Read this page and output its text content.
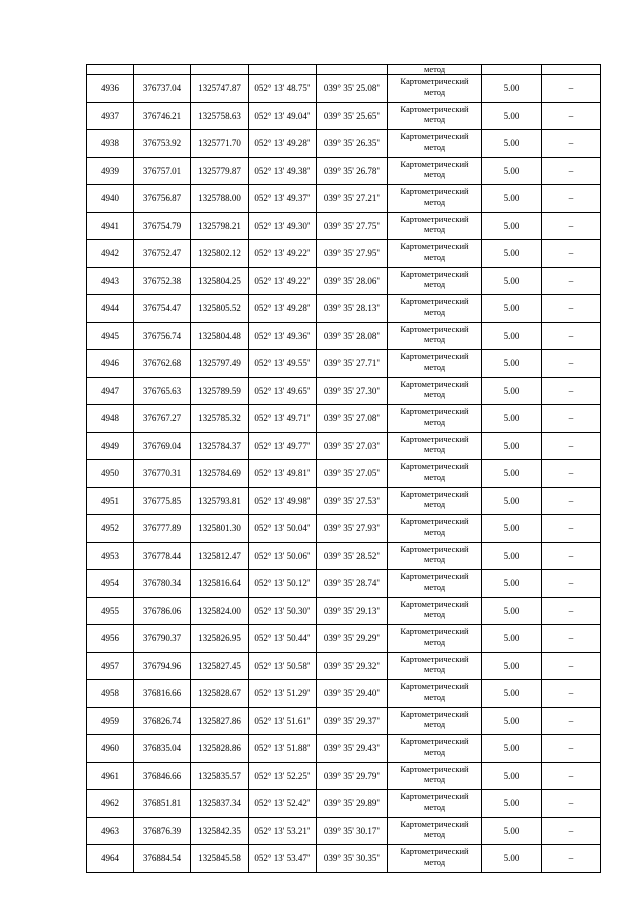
					метод		
4936	376737.04	1325747.87	052° 13' 48.75"	039° 35' 25.08"	Картометрический
метод	5.00	–
4937	376746.21	1325758.63	052° 13' 49.04"	039° 35' 25.65"	Картометрический
метод	5.00	–
4938	376753.92	1325771.70	052° 13' 49.28"	039° 35' 26.35"	Картометрический
метод	5.00	–
4939	376757.01	1325779.87	052° 13' 49.38"	039° 35' 26.78"	Картометрический
метод	5.00	–
4940	376756.87	1325788.00	052° 13' 49.37"	039° 35' 27.21"	Картометрический
метод	5.00	–
4941	376754.79	1325798.21	052° 13' 49.30"	039° 35' 27.75"	Картометрический
метод	5.00	–
4942	376752.47	1325802.12	052° 13' 49.22"	039° 35' 27.95"	Картометрический
метод	5.00	–
4943	376752.38	1325804.25	052° 13' 49.22"	039° 35' 28.06"	Картометрический
метод	5.00	–
4944	376754.47	1325805.52	052° 13' 49.28"	039° 35' 28.13"	Картометрический
метод	5.00	–
4945	376756.74	1325804.48	052° 13' 49.36"	039° 35' 28.08"	Картометрический
метод	5.00	–
4946	376762.68	1325797.49	052° 13' 49.55"	039° 35' 27.71"	Картометрический
метод	5.00	–
4947	376765.63	1325789.59	052° 13' 49.65"	039° 35' 27.30"	Картометрический
метод	5.00	–
4948	376767.27	1325785.32	052° 13' 49.71"	039° 35' 27.08"	Картометрический
метод	5.00	–
4949	376769.04	1325784.37	052° 13' 49.77"	039° 35' 27.03"	Картометрический
метод	5.00	–
4950	376770.31	1325784.69	052° 13' 49.81"	039° 35' 27.05"	Картометрический
метод	5.00	–
4951	376775.85	1325793.81	052° 13' 49.98"	039° 35' 27.53"	Картометрический
метод	5.00	–
4952	376777.89	1325801.30	052° 13' 50.04"	039° 35' 27.93"	Картометрический
метод	5.00	–
4953	376778.44	1325812.47	052° 13' 50.06"	039° 35' 28.52"	Картометрический
метод	5.00	–
4954	376780.34	1325816.64	052° 13' 50.12"	039° 35' 28.74"	Картометрический
метод	5.00	–
4955	376786.06	1325824.00	052° 13' 50.30"	039° 35' 29.13"	Картометрический
метод	5.00	–
4956	376790.37	1325826.95	052° 13' 50.44"	039° 35' 29.29"	Картометрический
метод	5.00	–
4957	376794.96	1325827.45	052° 13' 50.58"	039° 35' 29.32"	Картометрический
метод	5.00	–
4958	376816.66	1325828.67	052° 13' 51.29"	039° 35' 29.40"	Картометрический
метод	5.00	–
4959	376826.74	1325827.86	052° 13' 51.61"	039° 35' 29.37"	Картометрический
метод	5.00	–
4960	376835.04	1325828.86	052° 13' 51.88"	039° 35' 29.43"	Картометрический
метод	5.00	–
4961	376846.66	1325835.57	052° 13' 52.25"	039° 35' 29.79"	Картометрический
метод	5.00	–
4962	376851.81	1325837.34	052° 13' 52.42"	039° 35' 29.89"	Картометрический
метод	5.00	–
4963	376876.39	1325842.35	052° 13' 53.21"	039° 35' 30.17"	Картометрический
метод	5.00	–
4964	376884.54	1325845.58	052° 13' 53.47"	039° 35' 30.35"	Картометрический
метод	5.00	–
